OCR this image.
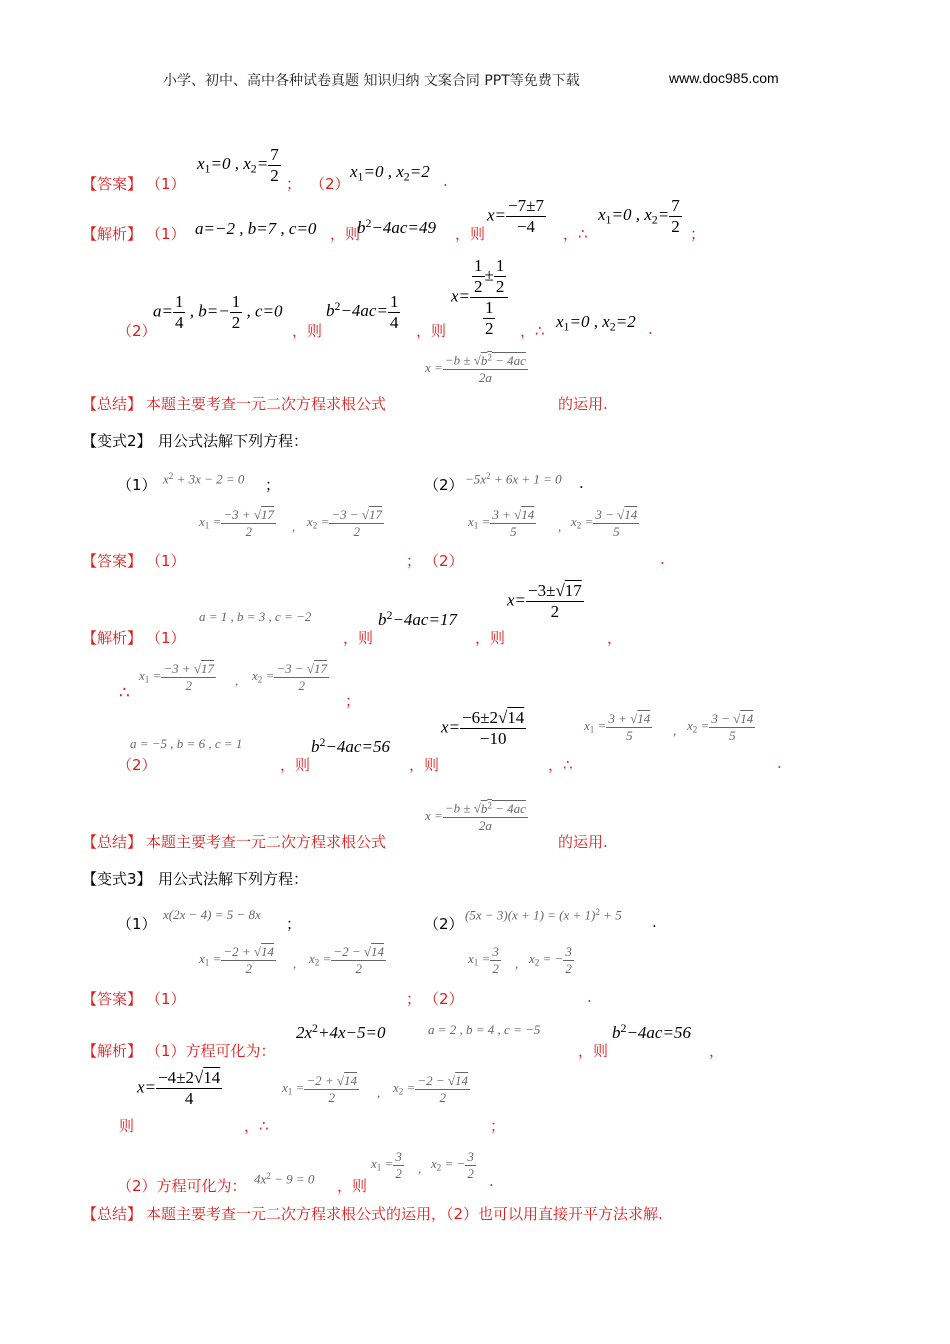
小学、初中、高中各种试卷真题 知识归纳 文案合同 PPT等免费下载	www.doc985.com
【答案】 （1）
$x_1=0$ , $x_2= \frac{7}{2}$ ； （2）
$x_1=0$ , $x_2=2$ .
【解析】 （1） a=−2 , b=7 , c=0 ，则
$b^2-4ac=49$ ，则
$x= \frac{-7\pm 7}{-4}$ ，∴
$x_1=0$ , $x_2= \frac{7}{2}$ ；
（2）
$a= \frac{1}{4}$ , $b=- \frac{1}{2}$ , c=0
，则
$b^2-4ac= \frac{1}{4}$ ，则
$x= \frac{\frac{1}{2} \pm \frac{1}{2}}{\frac{1}{2}}$ ，∴ $x_1=0$ , $x_2=2$ .
$x = \frac{-b \pm √b^2 - 4ac}{2a}$
【总结】 本题主要考查一元二次方程求根公式	的运用.
【变式2】 用公式法解下列方程：
（1） $x^2 + 3x - 2 = 0$ ；	$(2) -5x^2 + 6x + 1 = 0$ .
$x_1 = \frac{-3 + √17}{2}$ , $x_2 = \frac{-3 - √17}{2}$	$x_1 = \frac{3 + √14}{5}$ , $x_2 = \frac{3 - √14}{5}$
【答案】 （1）	； （2）	.
a = 1 , b = 3 , c = −2	$b^2-4ac=17$
$x= \frac{-3\pm√17}{2}$
【解析】 （1）	，则	，则	，
∴
$x_1 = \frac{-3 + √17}{2}$ , $x_2 = \frac{-3 - √17}{2}$
；
a = −5 , b = 6 , c = 1	$b^2-4ac=56$
$x= \frac{-6\pm 2√14}{-10}$	$x_1 = \frac{3 + √14}{5}$ , $x_2 = \frac{3 - √14}{5}$
（2）	，则	，则	，∴	.
$x = \frac{-b \pm √b^2 - 4ac}{2a}$
【总结】 本题主要考查一元二次方程求根公式	的运用.
【变式3】 用公式法解下列方程：
（1）
x(2x − 4) = 5 − 8x
；	（2） $(5x - 3)(x + 1) = (x + 1)^2 + 5$ .
$x_1 = \frac{-2 + √14}{2}$ , $x_2 = \frac{-2 - √14}{2}$	$x_1 = \frac{3}{2}$ , $x_2$ = − $\frac{3}{2}$
【答案】 （1）	； （2）	.
【解析】 （1）方程可化为：
$2x^2+4x-5=0$	a = 2 , b = 4 , c = −5
，则
$b^2-4ac=56$
，
$x= \frac{-4\pm 2√14}{4}$	$x_1 = \frac{-2 + √14}{2}$ , $x_2 = \frac{-2 - √14}{2}$
则	，∴	；
（2）方程可化为： $4x^2 - 9 = 0$ ，则
$x_1 = \frac{3}{2}$ , $x_2$ = − $\frac{3}{2}$ .
【总结】 本题主要考查一元二次方程求根公式的运用，（2）也可以用直接开平方法求解.
